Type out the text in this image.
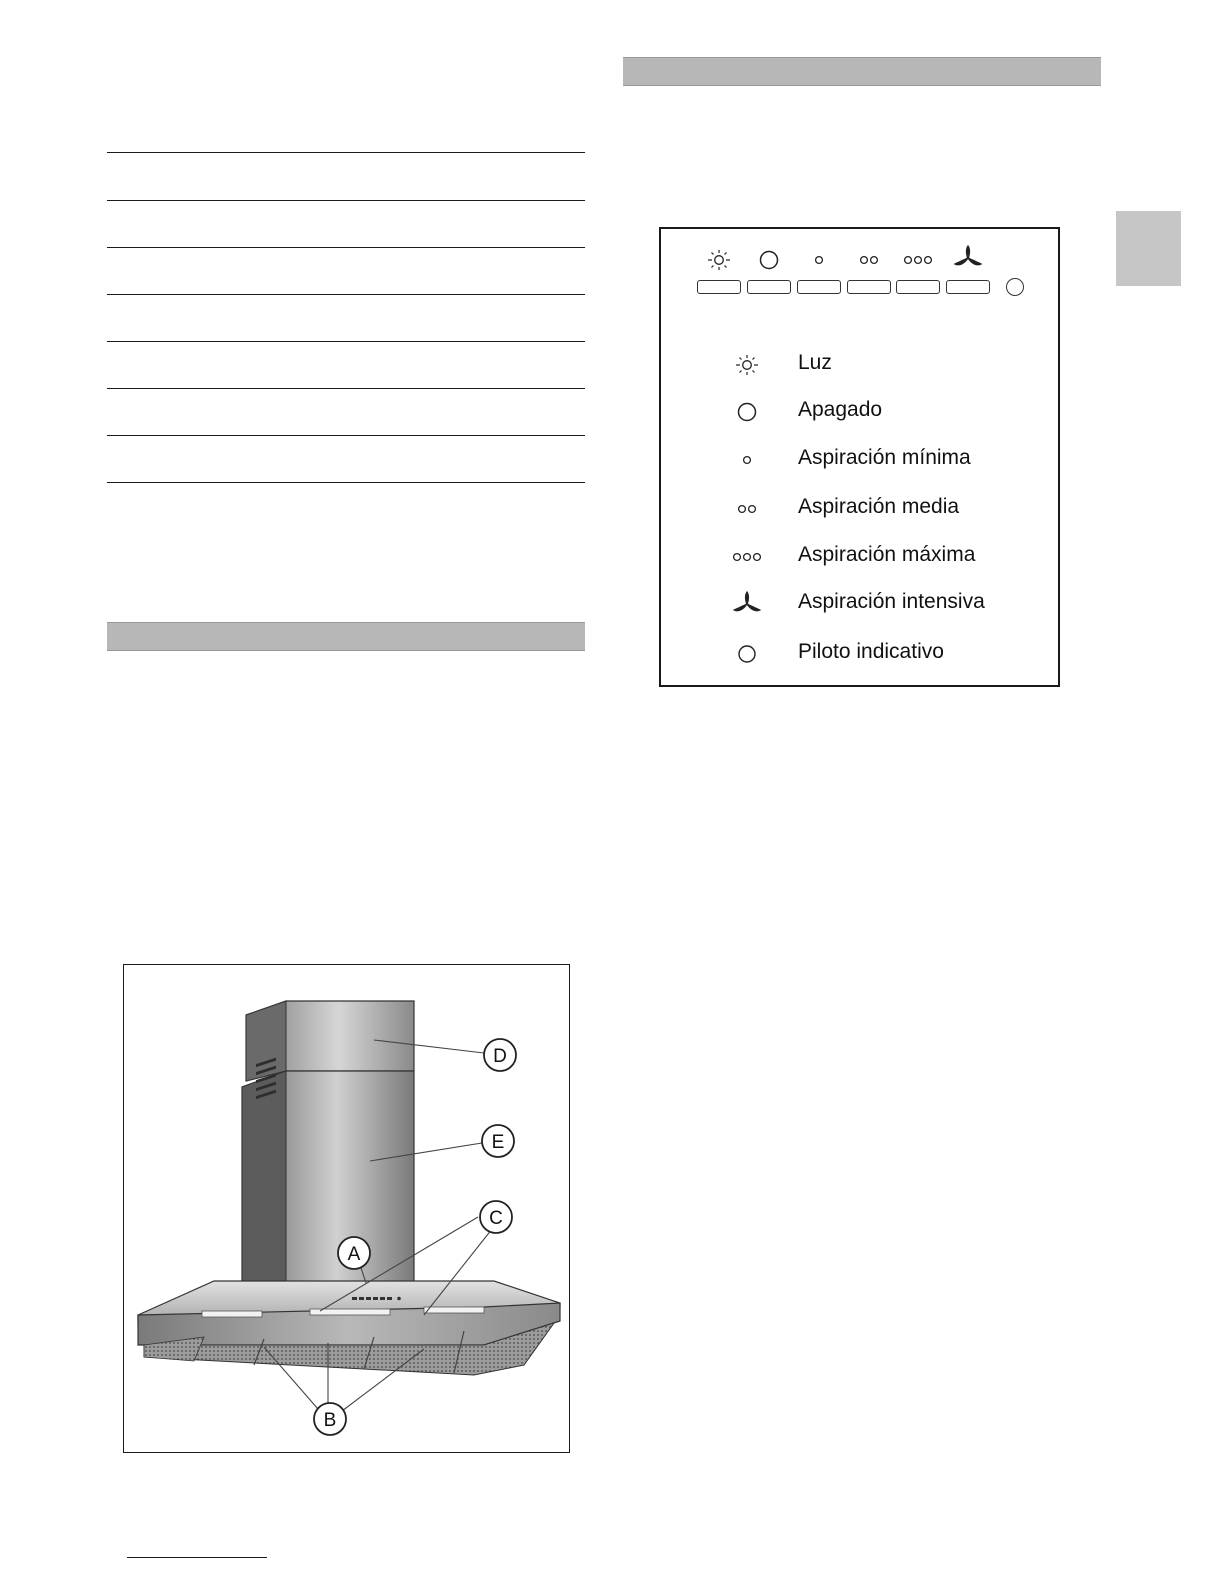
Luz
Apagado
Aspiración mínima
Aspiración media
Aspiración máxima
Aspiración intensiva
Piloto indicativo
D
E
C
A
B
